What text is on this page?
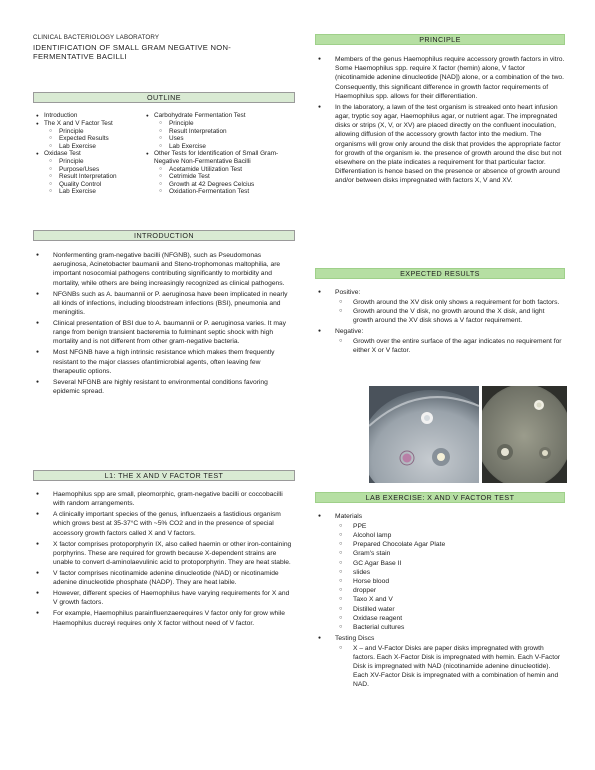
CLINICAL BACTERIOLOGY LABORATORY
IDENTIFICATION OF SMALL GRAM NEGATIVE NON-FERMENTATIVE BACILLI
OUTLINE
● Introduction
● The X and V Factor Test
○ Principle
○ Expected Results
○ Lab Exercise
● Oxidase Test
○ Principle
○ Purpose/Uses
○ Result Interpretation
○ Quality Control
○ Lab Exercise
● Carbohydrate Fermentation Test
○ Principle
○ Result Interpretation
○ Uses
○ Lab Exercise
● Other Tests for Identification of Small Gram-Negative Non-Fermentative Bacilli
○ Acetamide Utilization Test
○ Cetrimide Test
○ Growth at 42 Degrees Celcius
○ Oxidation-Fermentation Test
INTRODUCTION
● Nonfermenting gram-negative bacilli (NFGNB), such as Pseudomonas aeruginosa, Acinetobacter baumanii and Steno-trophomonas maltophilia, are important nosocomial pathogens contributing significantly to morbidity and mortality, while others are being increasingly recognized as clinical pathogens.
● NFGNBs such as A. baumannii or P. aeruginosa have been implicated in nearly all kinds of infections, including bloodstream infections (BSI), pneumonia and meningitis.
● Clinical presentation of BSI due to A. baumannii or P. aeruginosa varies. It may range from benign transient bacteremia to fulminant septic shock with high mortality and is not different from other gram-negative bacteria.
● Most NFGNB have a high intrinsic resistance which makes them frequently resistant to the major classes ofantimicrobial agents, often leaving few therapeutic options.
● Several NFGNB are highly resistant to environmental conditions favoring epidemic spread.
L1: THE X AND V FACTOR TEST
● Haemophilus spp are small, pleomorphic, gram-negative bacilli or coccobacilli with random arrangements.
● A clinically important species of the genus, influenzaeis a fastidious organism which grows best at 35-37°C with ~5% CO2 and in the presence of special accessory growth factors called X and V factors.
● X factor comprises protoporphyrin IX, also called haemin or other iron-containing porphyrins. These are required for growth because X-dependent strains are unable to convert d-aminolaevulinic acid to protoporphyrin. They are heat stable.
● V factor comprises nicotinamide adenine dinucleotide (NAD) or nicotinamide adenine dinucleotide phosphate (NADP). They are heat labile.
● However, different species of Haemophilus have varying requirements for X and V growth factors.
● For example, Haemophilus parainfluenzaerequires V factor only for grow while Haemophilus ducreyi requires only X factor without need of V factor.
PRINCIPLE
● Members of the genus Haemophilus require accessory growth factors in vitro. Some Haemophilus spp. require X factor (hemin) alone, V factor (nicotinamide adenine dinucleotide [NAD]) alone, or a combination of the two. Consequently, this significant difference in growth factor requirements of Haemophilus spp. allows for their differentiation.
● In the laboratory, a lawn of the test organism is streaked onto heart infusion agar, tryptic soy agar, Haemophilus agar, or nutrient agar. The impregnated disks or strips (X, V, or XV) are placed directly on the confluent inoculation, allowing diffusion of the accessory growth factor into the medium. The organisms will grow only around the disk that provides the appropriate factor for growth of the organism ie. the presence of growth around the disc but not elsewhere on the plate indicates a requirement for that particular factor. Differentiation is hence based on the presence or absence of growth around and/or between disks impregnated with factors X, V and XV.
EXPECTED RESULTS
● Positive:
○ Growth around the XV disk only shows a requirement for both factors.
○ Growth around the V disk, no growth around the X disk, and light growth around the XV disk shows a V factor requirement.
● Negative:
○ Growth over the entire surface of the agar indicates no requirement for either X or V factor.
LAB EXERCISE: X AND V FACTOR TEST
● Materials
○ PPE
○ Alcohol lamp
○ Prepared Chocolate Agar Plate
○ Gram's stain
○ GC Agar Base II
○ slides
○ Horse blood
○ dropper
○ Taxo X and V
○ Distilled water
○ Oxidase reagent
○ Bacterial cultures
● Testing Discs
○ X – and V-Factor Disks are paper disks impregnated with growth factors. Each X-Factor Disk is impregnated with hemin. Each V-Factor Disk is impregnated with NAD (nicotinamide adenine dinucleotide). Each XV-Factor Disk is impregnated with a combination of hemin and NAD.
